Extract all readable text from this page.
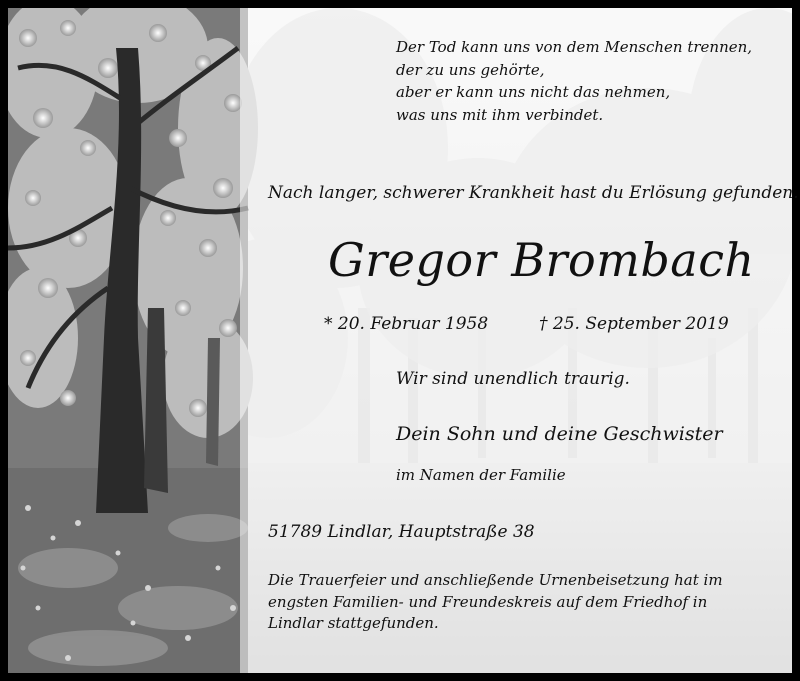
Der Tod kann uns von dem Menschen trennen,
der zu uns gehörte,
aber er kann uns nicht das nehmen,
was uns mit ihm verbindet.
Nach langer, schwerer Krankheit hast du Erlösung gefunden.
Gregor Brombach
* 20. Februar 1958	† 25. September 2019
Wir sind unendlich traurig.
Dein Sohn und deine Geschwister
im Namen der Familie
51789 Lindlar, Hauptstraße 38
Die Trauerfeier und anschließende Urnenbeisetzung hat im
engsten Familien- und Freundeskreis auf dem Friedhof in
Lindlar stattgefunden.
